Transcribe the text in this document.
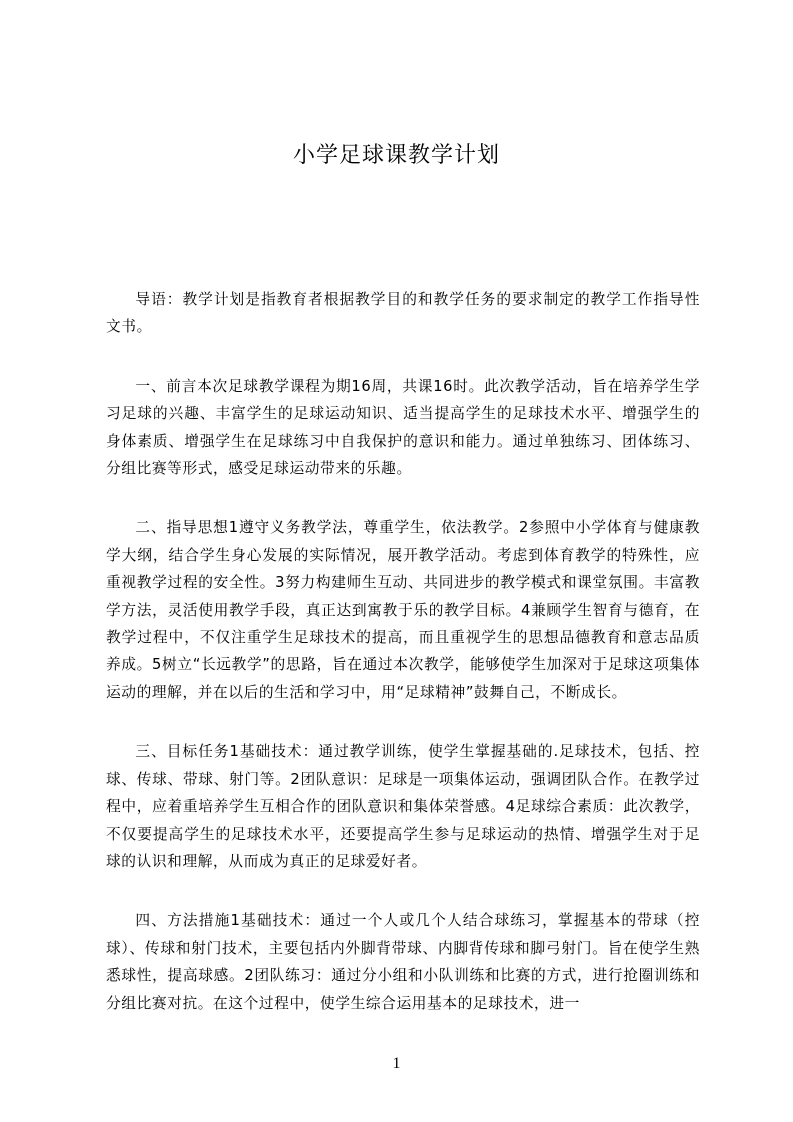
小学足球课教学计划

导语：教学计划是指教育者根据教学目的和教学任务的要求制定的教学工作指导性文书。

一、前言本次足球教学课程为期16周，共课16时。此次教学活动，旨在培养学生学习足球的兴趣、丰富学生的足球运动知识、适当提高学生的足球技术水平、增强学生的身体素质、增强学生在足球练习中自我保护的意识和能力。通过单独练习、团体练习、分组比赛等形式，感受足球运动带来的乐趣。

二、指导思想1遵守义务教学法，尊重学生，依法教学。2参照中小学体育与健康教学大纲，结合学生身心发展的实际情况，展开教学活动。考虑到体育教学的特殊性，应重视教学过程的安全性。3努力构建师生互动、共同进步的教学模式和课堂氛围。丰富教学方法，灵活使用教学手段，真正达到寓教于乐的教学目标。4兼顾学生智育与德育，在教学过程中，不仅注重学生足球技术的提高，而且重视学生的思想品德教育和意志品质养成。5树立“长远教学”的思路，旨在通过本次教学，能够使学生加深对于足球这项集体运动的理解，并在以后的生活和学习中，用“足球精神”鼓舞自己，不断成长。

三、目标任务1基础技术：通过教学训练，使学生掌握基础的.足球技术，包括、控球、传球、带球、射门等。2团队意识：足球是一项集体运动，强调团队合作。在教学过程中，应着重培养学生互相合作的团队意识和集体荣誉感。4足球综合素质：此次教学，不仅要提高学生的足球技术水平，还要提高学生参与足球运动的热情、增强学生对于足球的认识和理解，从而成为真正的足球爱好者。

四、方法措施1基础技术：通过一个人或几个人结合球练习，掌握基本的带球（控球）、传球和射门技术，主要包括内外脚背带球、内脚背传球和脚弓射门。旨在使学生熟悉球性，提高球感。2团队练习：通过分小组和小队训练和比赛的方式，进行抢圈训练和分组比赛对抗。在这个过程中，使学生综合运用基本的足球技术，进一

1
